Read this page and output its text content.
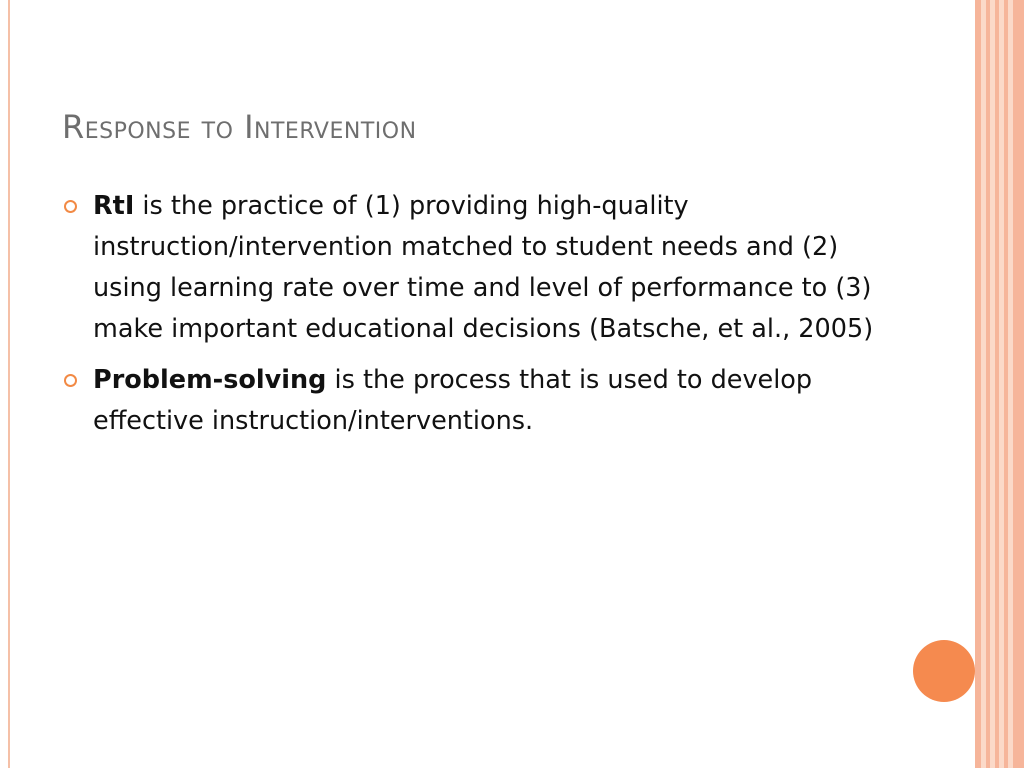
Response to Intervention
RtI is the practice of (1) providing high-quality instruction/intervention matched to student needs and (2) using learning rate over time and level of performance to (3) make important educational decisions (Batsche, et al., 2005)
Problem-solving is the process that is used to develop effective instruction/interventions.
